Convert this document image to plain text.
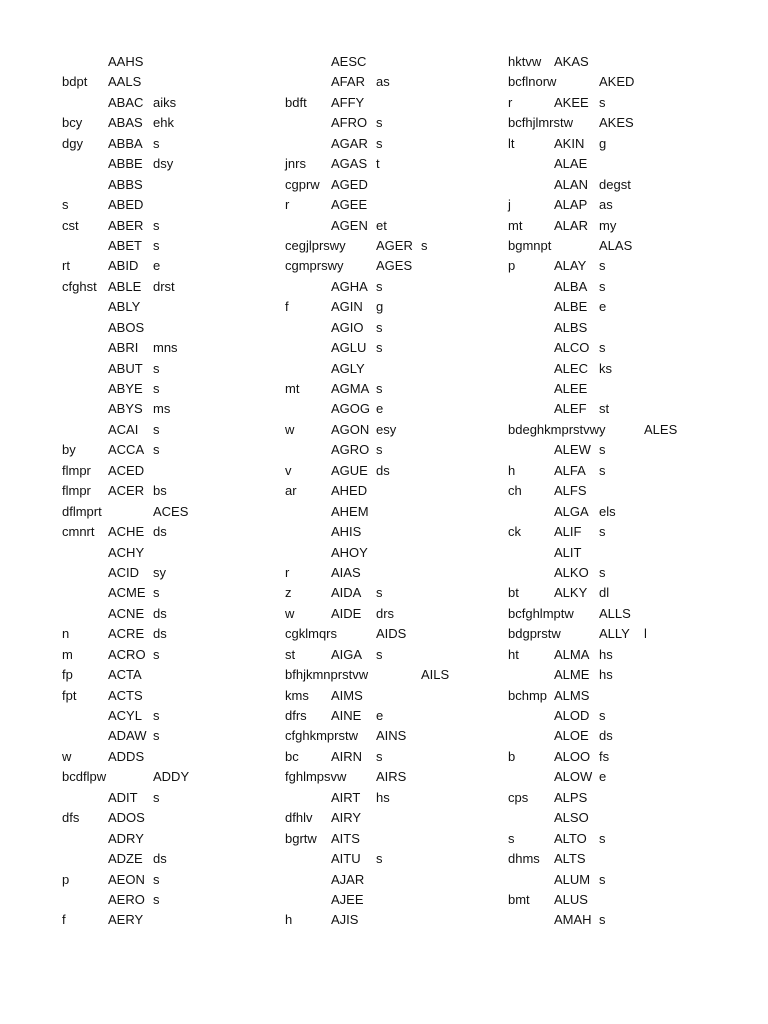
AAHS
bdpt AALS
ABAC aiks
bcy ABAS ehk
dgy ABBA s
ABBE dsy
ABBS
s	ABED
cst ABER s
ABET s
rt	ABID e
cfghst ABLE drst
ABLY
ABOS
ABRI mns
ABUT s
ABYE s
ABYS ms
ACAI s
by ACCA s
flmpr ACED
flmpr ACER bs
dflmprt	ACES
cmnrt ACHE ds
ACHY
ACID sy
ACME s
ACNE ds
n	ACRE ds
m	ACRO s
fp	ACTA
fpt ACTS
ACYL s
ADAW s
w	ADDS
bcdflpw	ADDY
ADIT s
dfs ADOS
ADRY
ADZE ds
p	AEON s
AERO s
f	AERY
AESC
AFAR as
bdft AFFY
AFRO s
AGAR s
jnrs AGAS t
cgprw AGED
r	AGEE
AGEN et
cegjlprswy AGER s
cgmprswy AGES
AGHA s
f	AGIN g
AGIO s
AGLU s
AGLY
mt AGMA s
AGOG e
w	AGON esy
AGRO s
v	AGUE ds
ar	AHED
AHEM
AHIS
AHOY
r	AIAS
z	AIDA s
w	AIDE drs
cgklmqrs	AIDS
st	AIGA s
bfhjkmnprstvw	AILS
kms AIMS
dfrs AINE e
cfghkmprstw AINS
bc AIRN s
fghlmpsvw AIRS
AIRT hs
dfhlv AIRY
bgrtw AITS
AITU s
AJAR
AJEE
h	AJIS
hktvw AKAS
bcflnorw	AKED
r	AKEE s
bcfhjlmrstw AKES
lt	AKIN g
ALAE
ALAN degst
j	ALAP as
mt ALAR my
bgmnpt	ALAS
p	ALAY s
ALBA s
ALBE e
ALBS
ALCO s
ALEC ks
ALEE
ALEF st
bdeghkmprstvwy	ALES
ALEW s
h	ALFA s
ch ALFS
ALGA els
ck	ALIF s
ALIT
ALKO s
bt	ALKY dl
bcfghlmptw ALLS
bdgprstw	ALLY l
ht	ALMA hs
ALME hs
bchmp ALMS
ALOD s
ALOE ds
b	ALOO fs
ALOW e
cps ALPS
ALSO
s	ALTO s
dhms ALTS
ALUM s
bmt ALUS
AMAH s
